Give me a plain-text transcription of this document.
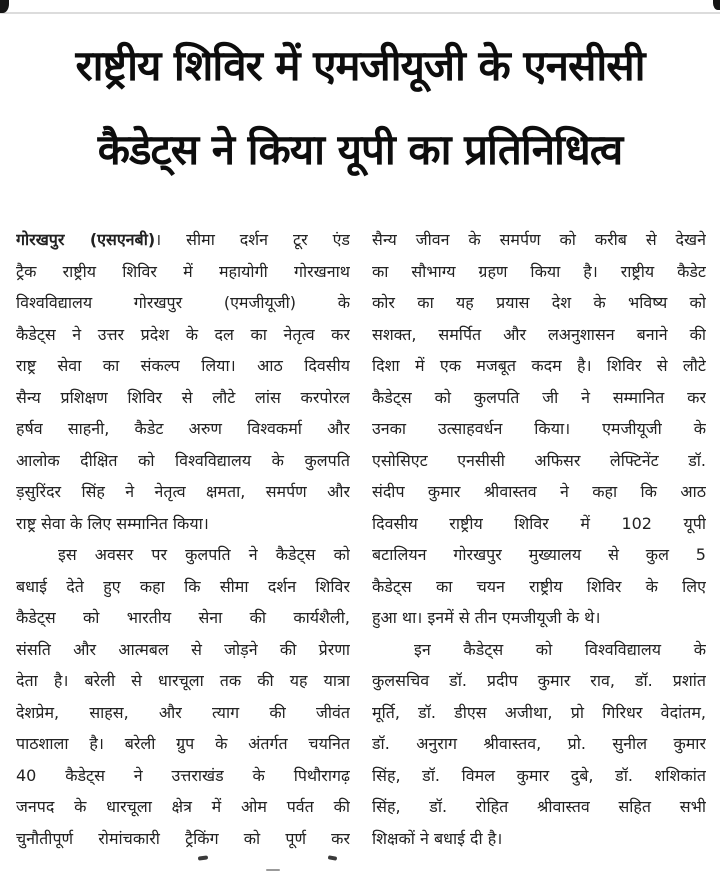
राष्ट्रीय शिविर में एमजीयूजी के एनसीसी
कैडेट्स ने किया यूपी का प्रतिनिधित्व
गोरखपुर (एसएनबी)। सीमा दर्शन टूर एंड
ट्रैक राष्ट्रीय शिविर में महायोगी गोरखनाथ
विश्वविद्यालय गोरखपुर (एमजीयूजी) के
कैडेट्स ने उत्तर प्रदेश के दल का नेतृत्व कर
राष्ट्र सेवा का संकल्प लिया। आठ दिवसीय
सैन्य प्रशिक्षण शिविर से लौटे लांस करपोरल
हर्षव साहनी, कैडेट अरुण विश्वकर्मा और
आलोक दीक्षित को विश्वविद्यालय के कुलपति
ड़सुरिंदर सिंह ने नेतृत्व क्षमता, समर्पण और
राष्ट्र सेवा के लिए सम्मानित किया।
इस अवसर पर कुलपति ने कैडेट्स को
बधाई देते हुए कहा कि सीमा दर्शन शिविर
कैडेट्स को भारतीय सेना की कार्यशैली,
संसति और आत्मबल से जोड़ने की प्रेरणा
देता है। बरेली से धारचूला तक की यह यात्रा
देशप्रेम, साहस, और त्याग की जीवंत
पाठशाला है। बरेली ग्रुप के अंतर्गत चयनित
40 कैडेट्स ने उत्तराखंड के पिथौरागढ़
जनपद के धारचूला क्षेत्र में ओम पर्वत की
चुनौतीपूर्ण रोमांचकारी ट्रैकिंग को पूर्ण कर
सैन्य जीवन के समर्पण को करीब से देखने
का सौभाग्य ग्रहण किया है। राष्ट्रीय कैडेट
कोर का यह प्रयास देश के भविष्य को
सशक्त, समर्पित और लअनुशासन बनाने की
दिशा में एक मजबूत कदम है। शिविर से लौटे
कैडेट्स को कुलपति जी ने सम्मानित कर
उनका उत्साहवर्धन किया। एमजीयूजी के
एसोसिएट एनसीसी अफिसर लेफ्टिनेंट डॉ.
संदीप कुमार श्रीवास्तव ने कहा कि आठ
दिवसीय राष्ट्रीय शिविर में 102 यूपी
बटालियन गोरखपुर मुख्यालय से कुल 5
कैडेट्स का चयन राष्ट्रीय शिविर के लिए
हुआ था। इनमें से तीन एमजीयूजी के थे।
इन कैडेट्स को विश्वविद्यालय के
कुलसचिव डॉ. प्रदीप कुमार राव, डॉ. प्रशांत
मूर्ति, डॉ. डीएस अजीथा, प्रो गिरिधर वेदांतम,
डॉ. अनुराग श्रीवास्तव, प्रो. सुनील कुमार
सिंह, डॉ. विमल कुमार दुबे, डॉ. शशिकांत
सिंह, डॉ. रोहित श्रीवास्तव सहित सभी
शिक्षकों ने बधाई दी है।
